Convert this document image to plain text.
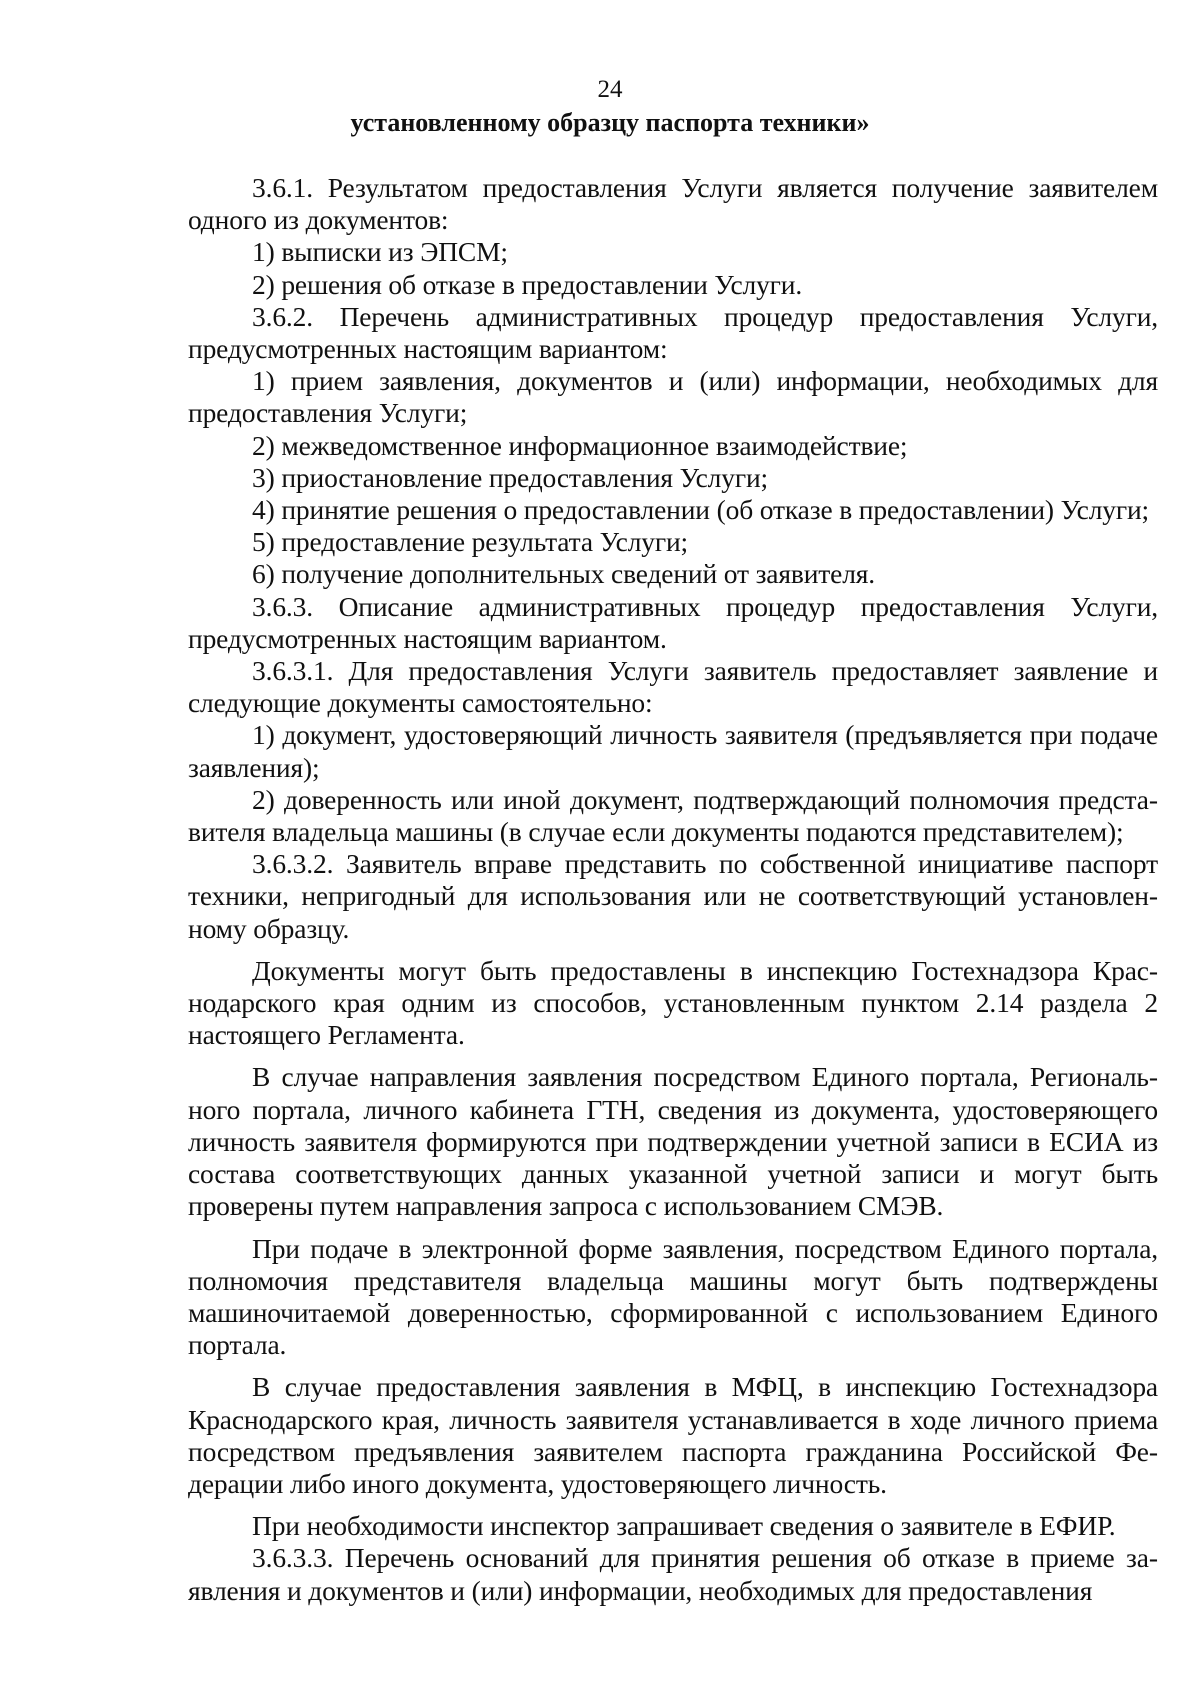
24
установленному образцу паспорта техники»

3.6.1. Результатом предоставления Услуги является получение заявителем одного из документов:

1) выписки из ЭПСМ;

2) решения об отказе в предоставлении Услуги.

3.6.2. Перечень административных процедур предоставления Услуги, предусмотренных настоящим вариантом:

1) прием заявления, документов и (или) информации, необходимых для предоставления Услуги;

2) межведомственное информационное взаимодействие;

3) приостановление предоставления Услуги;

4) принятие решения о предоставлении (об отказе в предоставлении) Услуги;

5) предоставление результата Услуги;

6) получение дополнительных сведений от заявителя.

3.6.3. Описание административных процедур предоставления Услуги, предусмотренных настоящим вариантом.

3.6.3.1. Для предоставления Услуги заявитель предоставляет заявление и следующие документы самостоятельно:

1) документ, удостоверяющий личность заявителя (предъявляется при подаче заявления);

2) доверенность или иной документ, подтверждающий полномочия представителя владельца машины (в случае если документы подаются представителем);

3.6.3.2. Заявитель вправе представить по собственной инициативе паспорт техники, непригодный для использования или не соответствующий установленному образцу.

Документы могут быть предоставлены в инспекцию Гостехнадзора Краснодарского края одним из способов, установленным пунктом 2.14 раздела 2 настоящего Регламента.

В случае направления заявления посредством Единого портала, Регионального портала, личного кабинета ГТН, сведения из документа, удостоверяющего личность заявителя формируются при подтверждении учетной записи в ЕСИА из состава соответствующих данных указанной учетной записи и могут быть проверены путем направления запроса с использованием СМЭВ.

При подаче в электронной форме заявления, посредством Единого портала, полномочия представителя владельца машины могут быть подтверждены машиночитаемой доверенностью, сформированной с использованием Единого портала.

В случае предоставления заявления в МФЦ, в инспекцию Гостехнадзора Краснодарского края, личность заявителя устанавливается в ходе личного приема посредством предъявления заявителем паспорта гражданина Российской Федерации либо иного документа, удостоверяющего личность.

При необходимости инспектор запрашивает сведения о заявителе в ЕФИР.

3.6.3.3. Перечень оснований для принятия решения об отказе в приеме заявления и документов и (или) информации, необходимых для предоставления
